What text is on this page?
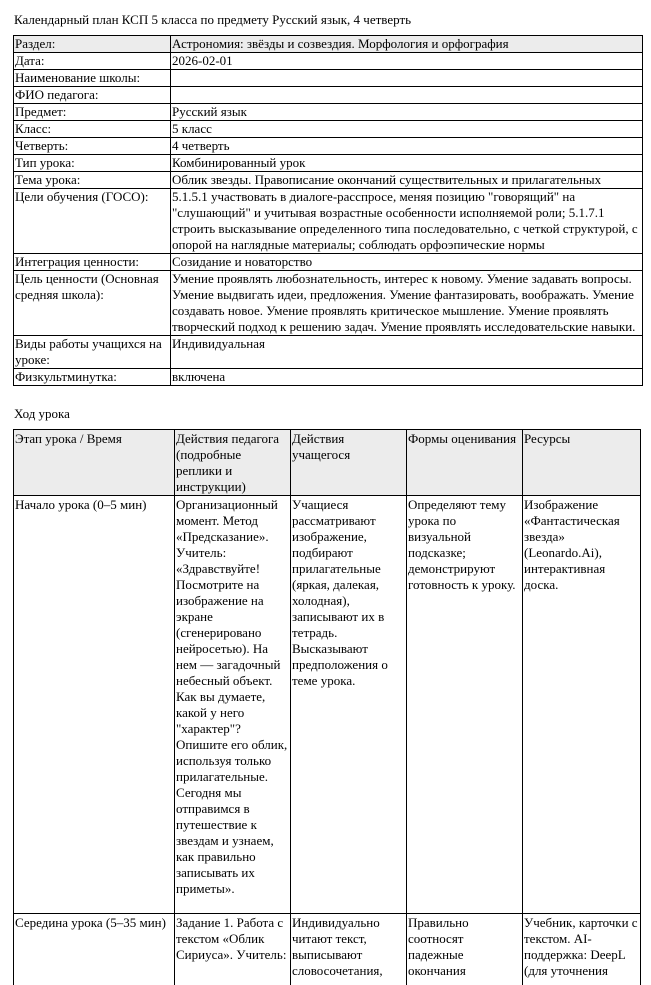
Календарный план КСП 5 класса по предмету Русский язык, 4 четверть
Раздел:	Астрономия: звёзды и созвездия. Морфология и орфография
Дата:	2026-02-01
Наименование школы:	
ФИО педагога:	
Предмет:	Русский язык
Класс:	5 класс
Четверть:	4 четверть
Тип урока:	Комбинированный урок
Тема урока:	Облик звезды. Правописание окончаний существительных и прилагательных
Цели обучения (ГОСО):	5.1.5.1 участвовать в диалоге-расспросе, меняя позицию "говорящий" на "слушающий" и учитывая возрастные особенности исполняемой роли; 5.1.7.1 строить высказывание определенного типа последовательно, с четкой структурой, с опорой на наглядные материалы; соблюдать орфоэпические нормы
Интеграция ценности:	Созидание и новаторство
Цель ценности (Основная средняя школа):	Умение проявлять любознательность, интерес к новому. Умение задавать вопросы. Умение выдвигать идеи, предложения. Умение фантазировать, воображать. Умение создавать новое. Умение проявлять критическое мышление. Умение проявлять творческий подход к решению задач. Умение проявлять исследовательские навыки.
Виды работы учащихся на уроке:	Индивидуальная
Физкультминутка:	включена
Ход урока
Этап урока / Время	Действия педагога (подробные реплики и инструкции)	Действия учащегося	Формы оценивания	Ресурсы
Начало урока (0–5 мин)	Организационный момент. Метод «Предсказание». Учитель: «Здравствуйте! Посмотрите на изображение на экране (сгенерировано нейросетью). На нем — загадочный небесный объект. Как вы думаете, какой у него "характер"? Опишите его облик, используя только прилагательные. Сегодня мы отправимся в путешествие к звездам и узнаем, как правильно записывать их приметы».	Учащиеся рассматривают изображение, подбирают прилагательные (яркая, далекая, холодная), записывают их в тетрадь. Высказывают предположения о теме урока.	Определяют тему урока по визуальной подсказке; демонстрируют готовность к уроку.	Изображение «Фантастическая звезда» (Leonardo.Ai), интерактивная доска.
Середина урока (5–35 мин)	Задание 1. Работа с текстом «Облик Сириуса». Учитель:	Индивидуально читают текст, выписывают словосочетания,	Правильно соотносят падежные окончания	Учебник, карточки с текстом. AI-поддержка: DeepL (для уточнения
